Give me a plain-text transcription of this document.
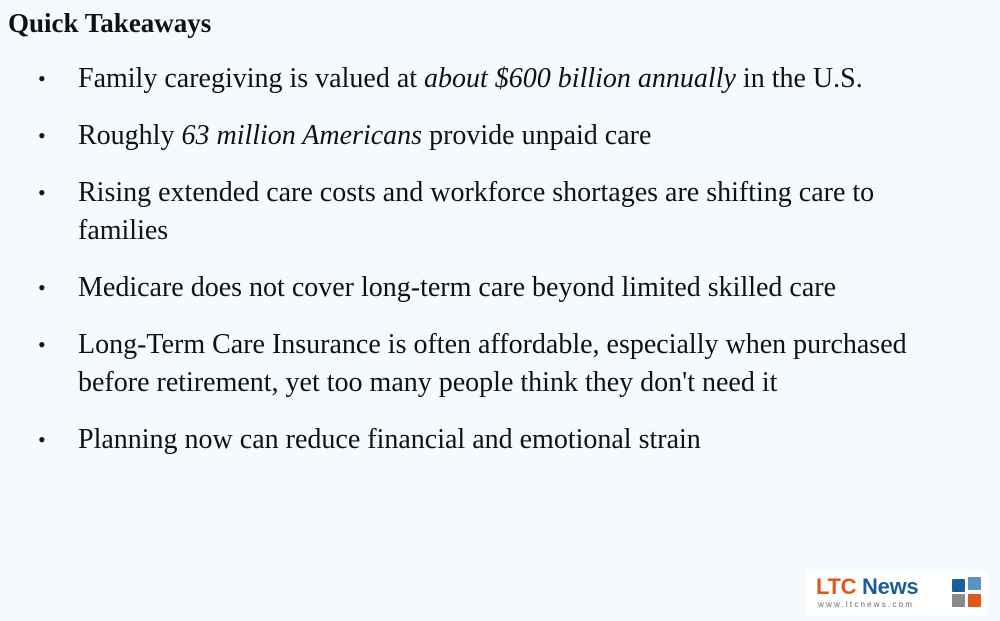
Quick Takeaways
• Family caregiving is valued at about $600 billion annually in the U.S.
• Roughly 63 million Americans provide unpaid care
• Rising extended care costs and workforce shortages are shifting care to families
• Medicare does not cover long-term care beyond limited skilled care
• Long-Term Care Insurance is often affordable, especially when purchased before retirement, yet too many people think they don't need it
• Planning now can reduce financial and emotional strain
LTC News
www.ltcnews.com
